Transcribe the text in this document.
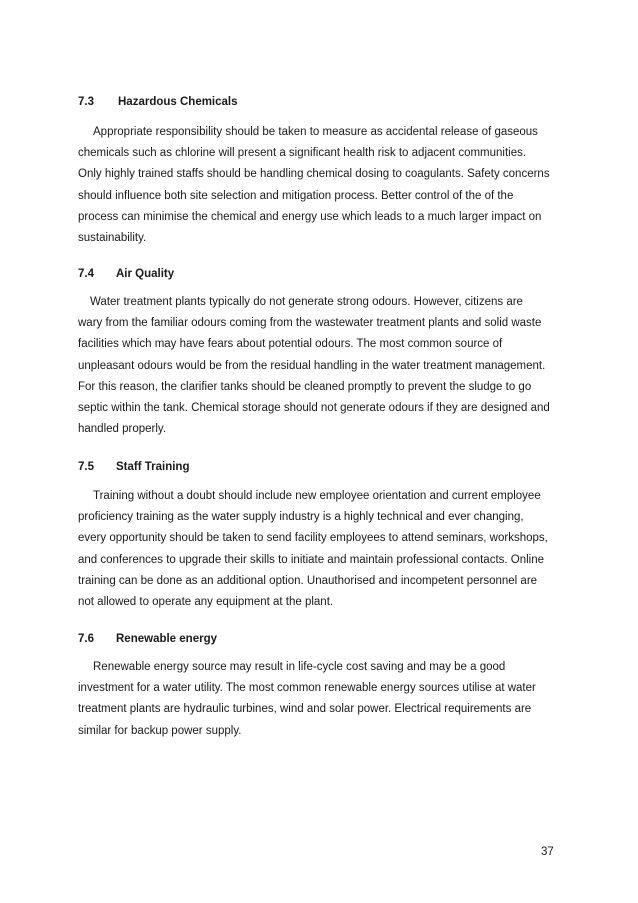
7.3 Hazardous Chemicals
Appropriate responsibility should be taken to measure as accidental release of gaseous
chemicals such as chlorine will present a significant health risk to adjacent communities.
Only highly trained staffs should be handling chemical dosing to coagulants. Safety concerns
should influence both site selection and mitigation process. Better control of the of the
process can minimise the chemical and energy use which leads to a much larger impact on
sustainability.
7.4 Air Quality
Water treatment plants typically do not generate strong odours. However, citizens are
wary from the familiar odours coming from the wastewater treatment plants and solid waste
facilities which may have fears about potential odours. The most common source of
unpleasant odours would be from the residual handling in the water treatment management.
For this reason, the clarifier tanks should be cleaned promptly to prevent the sludge to go
septic within the tank. Chemical storage should not generate odours if they are designed and
handled properly.
7.5 Staff Training
Training without a doubt should include new employee orientation and current employee
proficiency training as the water supply industry is a highly technical and ever changing,
every opportunity should be taken to send facility employees to attend seminars, workshops,
and conferences to upgrade their skills to initiate and maintain professional contacts. Online
training can be done as an additional option. Unauthorised and incompetent personnel are
not allowed to operate any equipment at the plant.
7.6 Renewable energy
Renewable energy source may result in life-cycle cost saving and may be a good
investment for a water utility. The most common renewable energy sources utilise at water
treatment plants are hydraulic turbines, wind and solar power. Electrical requirements are
similar for backup power supply.
37
